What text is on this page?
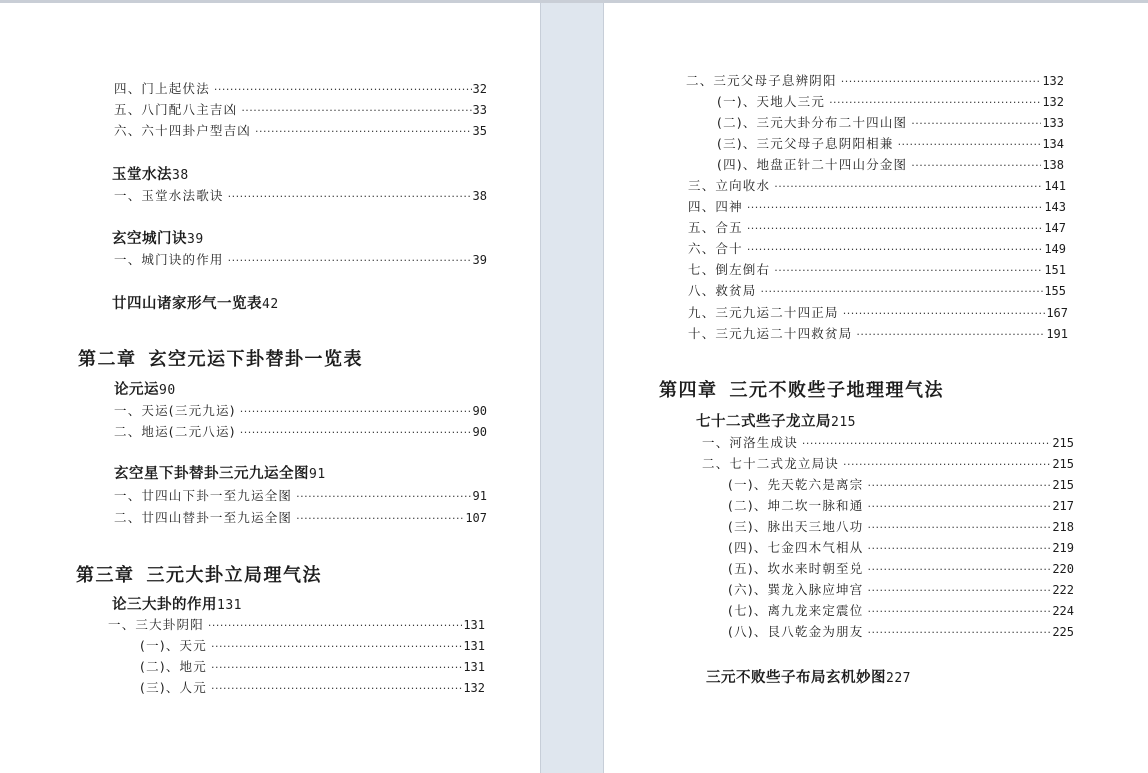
四、门上起伏法 ·····	32
五、八门配八主吉凶 ·····	33
六、六十四卦户型吉凶 ·····	35
玉堂水法38
一、玉堂水法歌诀 ·····	38
玄空城门诀39
一、城门诀的作用 ·····	39
廿四山诸家形气一览表42
第二章 玄空元运下卦替卦一览表
论元运90
一、天运(三元九运) ·····	90
二、地运(二元八运) ·····	90
玄空星下卦替卦三元九运全图91
一、廿四山下卦一至九运全图 ·····	91
二、廿四山替卦一至九运全图 ·····	107
第三章 三元大卦立局理气法
论三大卦的作用131
一、三大卦阴阳 ·····	131
(一)、天元 ·····	131
(二)、地元 ·····	131
(三)、人元 ·····	132
二、三元父母子息辨阴阳 ·····	132
(一)、天地人三元 ·····	132
(二)、三元大卦分布二十四山图 ·····	133
(三)、三元父母子息阴阳相兼 ·····	134
(四)、地盘正针二十四山分金图 ·····	138
三、立向收水 ·····	141
四、四神 ·····	143
五、合五 ·····	147
六、合十 ·····	149
七、倒左倒右 ·····	151
八、救贫局 ·····	155
九、三元九运二十四正局 ·····	167
十、三元九运二十四救贫局 ·····	191
第四章 三元不败些子地理理气法
七十二式些子龙立局215
一、河洛生成诀 ·····	215
二、七十二式龙立局诀 ·····	215
(一)、先天乾六是离宗 ·····	215
(二)、坤二坎一脉和通 ·····	217
(三)、脉出天三地八功 ·····	218
(四)、七金四木气相从 ·····	219
(五)、坎水来时朝至兑 ·····	220
(六)、巽龙入脉应坤宫 ·····	222
(七)、离九龙来定震位 ·····	224
(八)、艮八乾金为朋友 ·····	225
三元不败些子布局玄机妙图227
